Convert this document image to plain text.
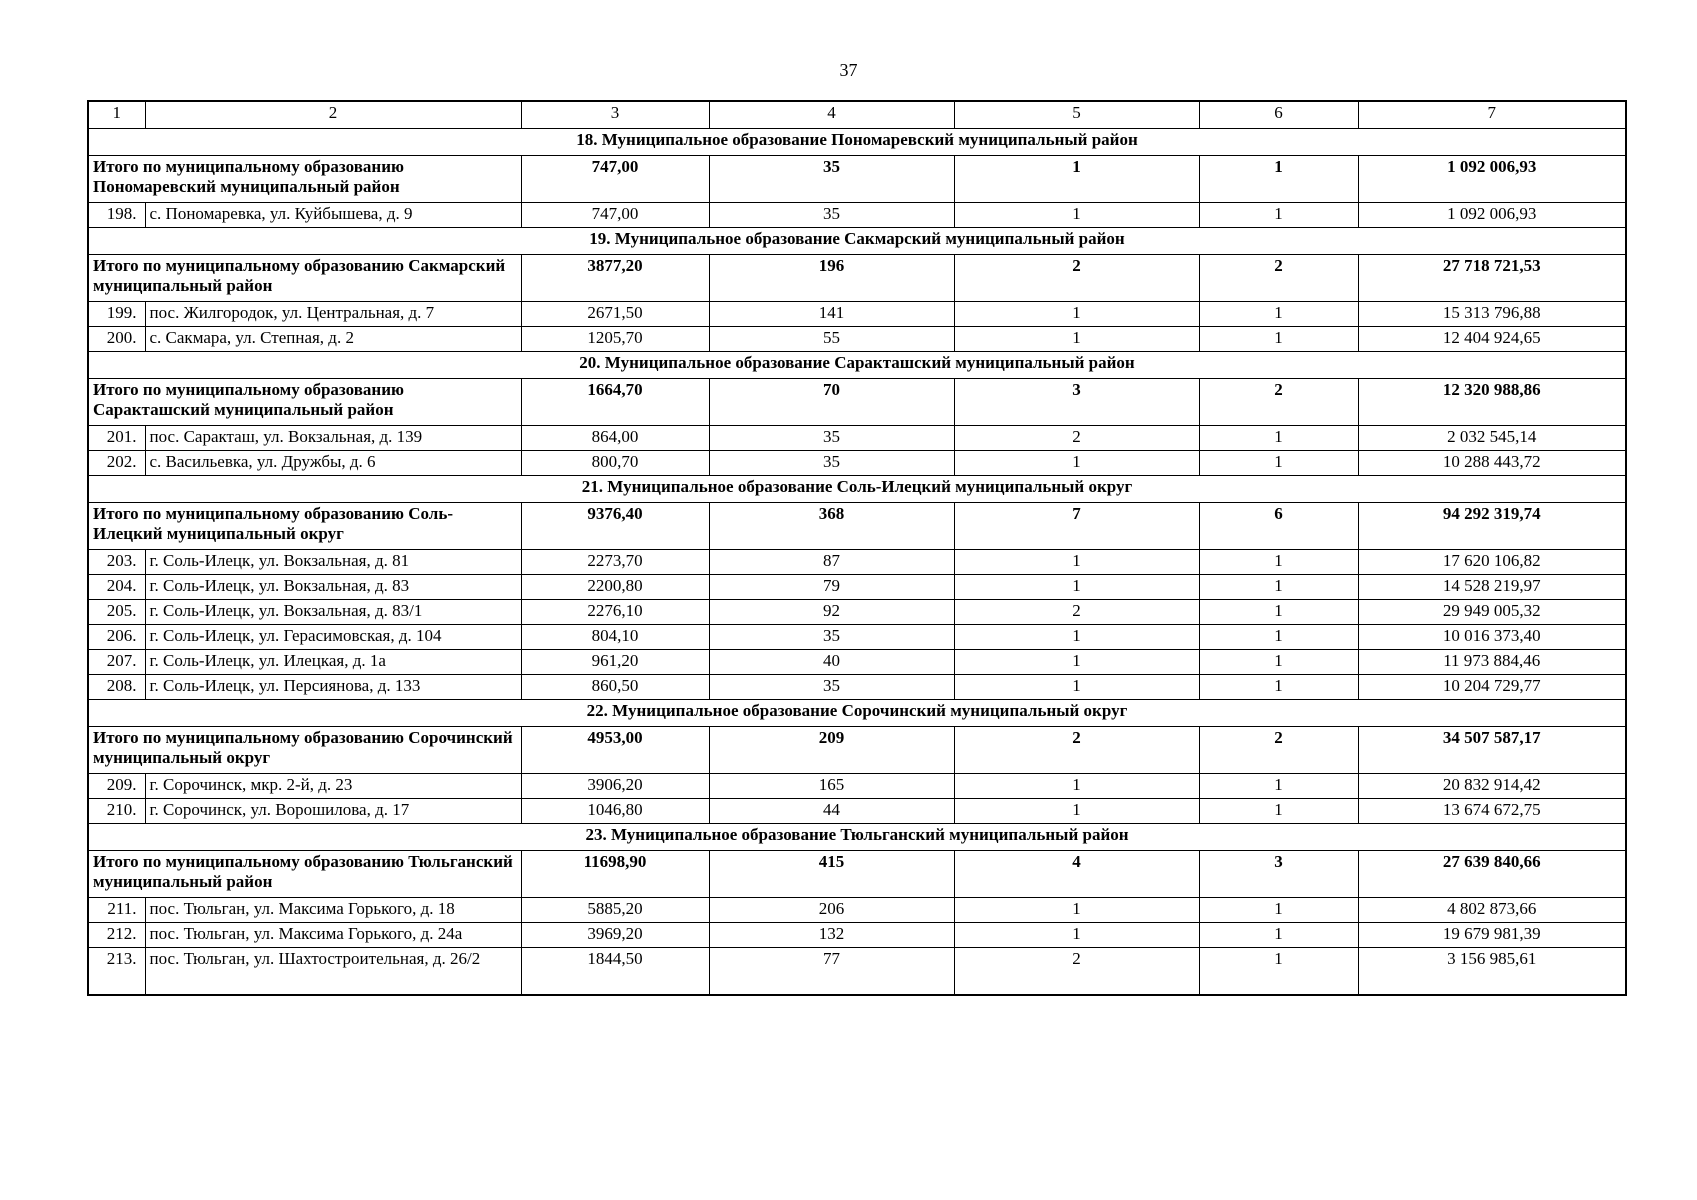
37
1	2	3	4	5	6	7
18. Муниципальное образование Пономаревский муниципальный район						
Итого по муниципальному образованию Пономаревский муниципальный район		747,00	35	1	1	1 092 006,93
198.	с. Пономаревка, ул. Куйбышева, д. 9	747,00	35	1	1	1 092 006,93
19. Муниципальное образование Сакмарский муниципальный район						
Итого по муниципальному образованию Сакмарский муниципальный район		3877,20	196	2	2	27 718 721,53
199.	пос. Жилгородок, ул. Центральная, д. 7	2671,50	141	1	1	15 313 796,88
200.	с. Сакмара, ул. Степная, д. 2	1205,70	55	1	1	12 404 924,65
20. Муниципальное образование Саракташский муниципальный район						
Итого по муниципальному образованию Саракташский муниципальный район		1664,70	70	3	2	12 320 988,86
201.	пос. Саракташ, ул. Вокзальная, д. 139	864,00	35	2	1	2 032 545,14
202.	с. Васильевка, ул. Дружбы, д. 6	800,70	35	1	1	10 288 443,72
21. Муниципальное образование Соль-Илецкий муниципальный округ						
Итого по муниципальному образованию Соль-Илецкий муниципальный округ		9376,40	368	7	6	94 292 319,74
203.	г. Соль-Илецк, ул. Вокзальная, д. 81	2273,70	87	1	1	17 620 106,82
204.	г. Соль-Илецк, ул. Вокзальная, д. 83	2200,80	79	1	1	14 528 219,97
205.	г. Соль-Илецк, ул. Вокзальная, д. 83/1	2276,10	92	2	1	29 949 005,32
206.	г. Соль-Илецк, ул. Герасимовская, д. 104	804,10	35	1	1	10 016 373,40
207.	г. Соль-Илецк, ул. Илецкая, д. 1а	961,20	40	1	1	11 973 884,46
208.	г. Соль-Илецк, ул. Персиянова, д. 133	860,50	35	1	1	10 204 729,77
22. Муниципальное образование Сорочинский муниципальный округ						
Итого по муниципальному образованию Сорочинский муниципальный округ		4953,00	209	2	2	34 507 587,17
209.	г. Сорочинск, мкр. 2-й, д. 23	3906,20	165	1	1	20 832 914,42
210.	г. Сорочинск, ул. Ворошилова, д. 17	1046,80	44	1	1	13 674 672,75
23. Муниципальное образование Тюльганский муниципальный район						
Итого по муниципальному образованию Тюльганский муниципальный район		11698,90	415	4	3	27 639 840,66
211.	пос. Тюльган, ул. Максима Горького, д. 18	5885,20	206	1	1	4 802 873,66
212.	пос. Тюльган, ул. Максима Горького, д. 24а	3969,20	132	1	1	19 679 981,39
213.	пос. Тюльган, ул. Шахтостроительная, д. 26/2	1844,50	77	2	1	3 156 985,61
